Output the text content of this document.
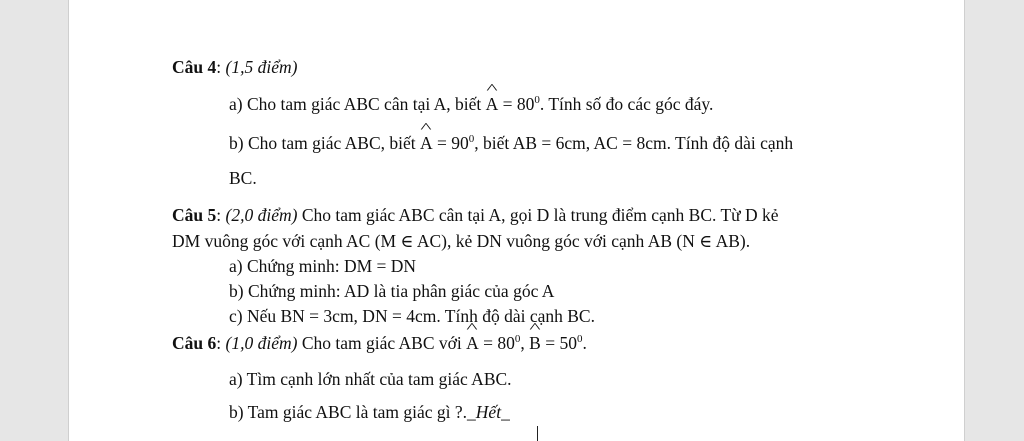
Câu 4: (1,5 điểm)
a) Cho tam giác ABC cân tại A, biết ^ $A = 80^0$. Tính số đo các góc đáy.
b) Cho tam giác ABC, biết ^ $A = 90^0$, biết AB = 6cm, AC = 8cm. Tính độ dài cạnh
BC.
Câu 5: (2,0 điểm) Cho tam giác ABC cân tại A, gọi D là trung điểm cạnh BC. Từ D kẻ
DM vuông góc với cạnh AC (M ∈ AC), kẻ DN vuông góc với cạnh AB (N ∈ AB).
a) Chứng minh: DM = DN
b) Chứng minh: AD là tia phân giác của góc A
c) Nếu BN = 3cm, DN = 4cm. Tính độ dài cạnh BC.
Câu 6: (1,0 điểm) Cho tam giác ABC với ^ $A = 80^0$, ^ $B = 50^0$.
a) Tìm cạnh lớn nhất của tam giác ABC.
b) Tam giác ABC là tam giác gì ?._Hết_
